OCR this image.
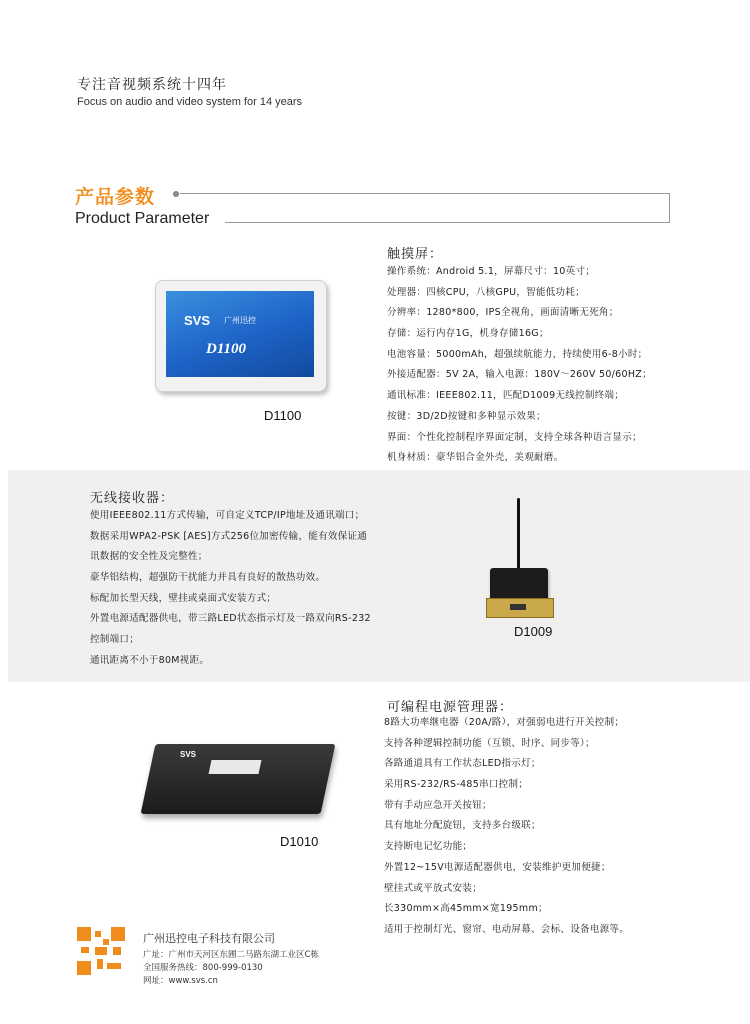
专注音视频系统十四年
Focus on audio and video system for 14 years
产品参数
Product Parameter
SVS 广州迅控
D1100
D1100
触摸屏：
操作系统：Android 5.1，屏幕尺寸：10英寸；
处理器：四核CPU，八核GPU，智能低功耗；
分辨率：1280*800，IPS全视角，画面清晰无死角；
存储：运行内存1G，机身存储16G；
电池容量：5000mAh，超强续航能力，持续使用6-8小时；
外接适配器：5V 2A，输入电源：180V～260V 50/60HZ；
通讯标准：IEEE802.11，匹配D1009无线控制终端；
按键：3D/2D按键和多种显示效果；
界面：个性化控制程序界面定制，支持全球各种语言显示；
机身材质：豪华铝合金外壳，美观耐磨。
无线接收器：
使用IEEE802.11方式传输，可自定义TCP/IP地址及通讯端口；
数据采用WPA2-PSK [AES]方式256位加密传输，能有效保证通
讯数据的安全性及完整性；
豪华铝结构，超强防干扰能力并具有良好的散热功效。
标配加长型天线，壁挂或桌面式安装方式；
外置电源适配器供电，带三路LED状态指示灯及一路双向RS-232
控制端口；
通讯距离不小于80M视距。
D1009
SVS
D1010
可编程电源管理器：
8路大功率继电器（20A/路），对强弱电进行开关控制；
支持各种逻辑控制功能（互锁、时序、同步等）；
各路通道具有工作状态LED指示灯；
采用RS-232/RS-485串口控制；
带有手动应急开关按钮；
具有地址分配旋钮，支持多台级联；
支持断电记忆功能；
外置12~15V电源适配器供电，安装维护更加便捷；
壁挂式或平放式安装；
长330mm×高45mm×宽195mm；
适用于控制灯光、窗帘、电动屏幕、会标、设备电源等。
广州迅控电子科技有限公司
广址：广州市天河区东圃二马路东湖工业区C栋
全国服务热线：800-999-0130
网址：www.svs.cn
